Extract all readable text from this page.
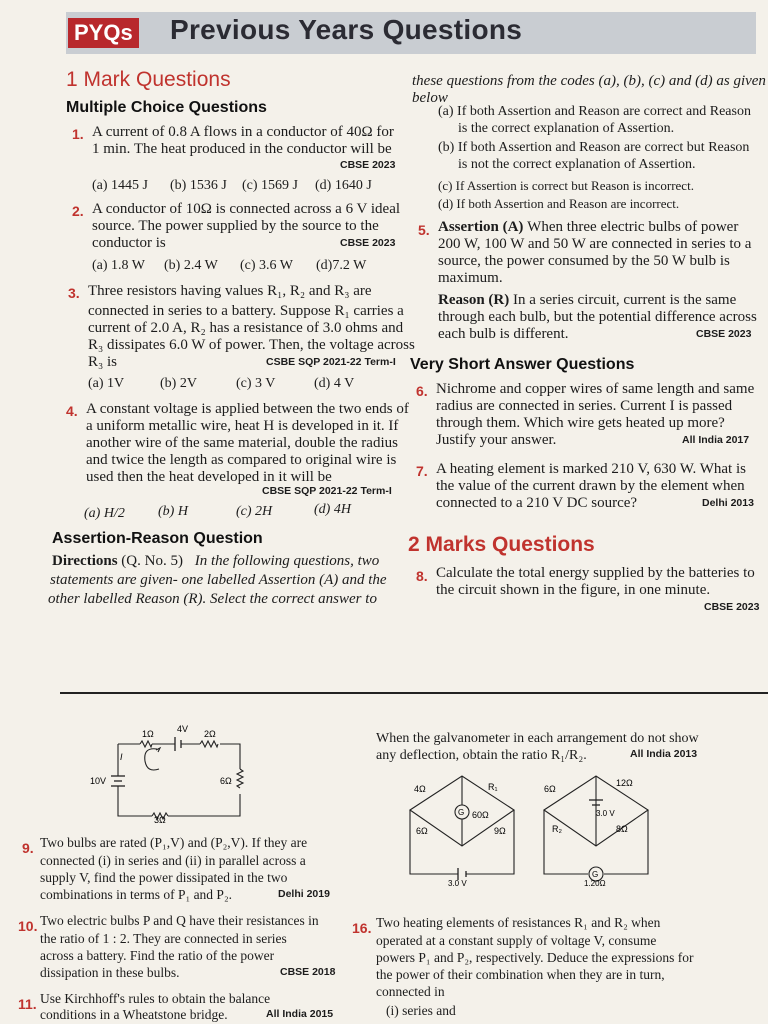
PYQs Previous Years Questions
1 Mark Questions
Multiple Choice Questions
1. A current of 0.8 A flows in a conductor of 40Ω for
1 min. The heat produced in the conductor will be
CBSE 2023
(a) 1445 J (b) 1536 J (c) 1569 J (d) 1640 J
2. A conductor of 10Ω is connected across a 6 V ideal
source. The power supplied by the source to the
conductor is	CBSE 2023
(a) 1.8 W (b) 2.4 W (c) 3.6 W (d)7.2 W
3. Three resistors having values R₁, R₂ and R₃ are
connected in series to a battery. Suppose R₁ carries a
current of 2.0 A, R₂ has a resistance of 3.0 ohms and
R₃ dissipates 6.0 W of power. Then, the voltage across
R₃ is	CSBE SQP 2021-22 Term-I
(a) 1V	(b) 2V	(c) 3 V	(d) 4 V
4. A constant voltage is applied between the two ends of
a uniform metallic wire, heat H is developed in it. If
another wire of the same material, double the radius
and twice the length as compared to original wire is
used then the heat developed in it will be
CBSE SQP 2021-22 Term-I
(a) H/2 (b) H	(c) 2H	(d) 4H
Assertion-Reason Question
Directions (Q. No. 5) In the following questions, two
statements are given- one labelled Assertion (A) and the
other labelled Reason (R). Select the correct answer to
these questions from the codes (a), (b), (c) and (d) as given
below
(a) If both Assertion and Reason are correct and Reason
is the correct explanation of Assertion.
(b) If both Assertion and Reason are correct but Reason
is not the correct explanation of Assertion.
(c) If Assertion is correct but Reason is incorrect.
(d) If both Assertion and Reason are incorrect.
5. Assertion (A) When three electric bulbs of power
200 W, 100 W and 50 W are connected in series to a
source, the power consumed by the 50 W bulb is
maximum.
Reason (R) In a series circuit, current is the same
through each bulb, but the potential difference across
each bulb is different.	CBSE 2023
Very Short Answer Questions
6. Nichrome and copper wires of same length and same
radius are connected in series. Current I is passed
through them. Which wire gets heated up more?
Justify your answer.	All India 2017
7. A heating element is marked 210 V, 630 W. What is
the value of the current drawn by the element when
connected to a 210 V DC source?	Delhi 2013
2 Marks Questions
8. Calculate the total energy supplied by the batteries to
the circuit shown in the figure, in one minute.
CBSE 2023
1Ω	4V 2Ω
I
10V	6Ω
3Ω
9. Two bulbs are rated (P₁,V) and (P₂,V). If they are
connected (i) in series and (ii) in parallel across a
supply V, find the power dissipated in the two
combinations in terms of P₁ and P₂.	Delhi 2019
10. Two electric bulbs P and Q have their resistances in
the ratio of 1 : 2. They are connected in series
across a battery. Find the ratio of the power
dissipation in these bulbs.	CBSE 2018
11. Use Kirchhoff's rules to obtain the balance
conditions in a Wheatstone bridge.	All India 2015
When the galvanometer in each arrangement do not show
any deflection, obtain the ratio R₁/R₂.	All India 2013
4Ω	R₁
G 60Ω
6Ω	9Ω
3.0 V
6Ω
12Ω
3.0 V
R₂	8Ω
G
1.20Ω
16. Two heating elements of resistances R₁ and R₂ when
operated at a constant supply of voltage V, consume
powers P₁ and P₂, respectively. Deduce the expressions for
the power of their combination when they are in turn,
connected in
(i) series and
